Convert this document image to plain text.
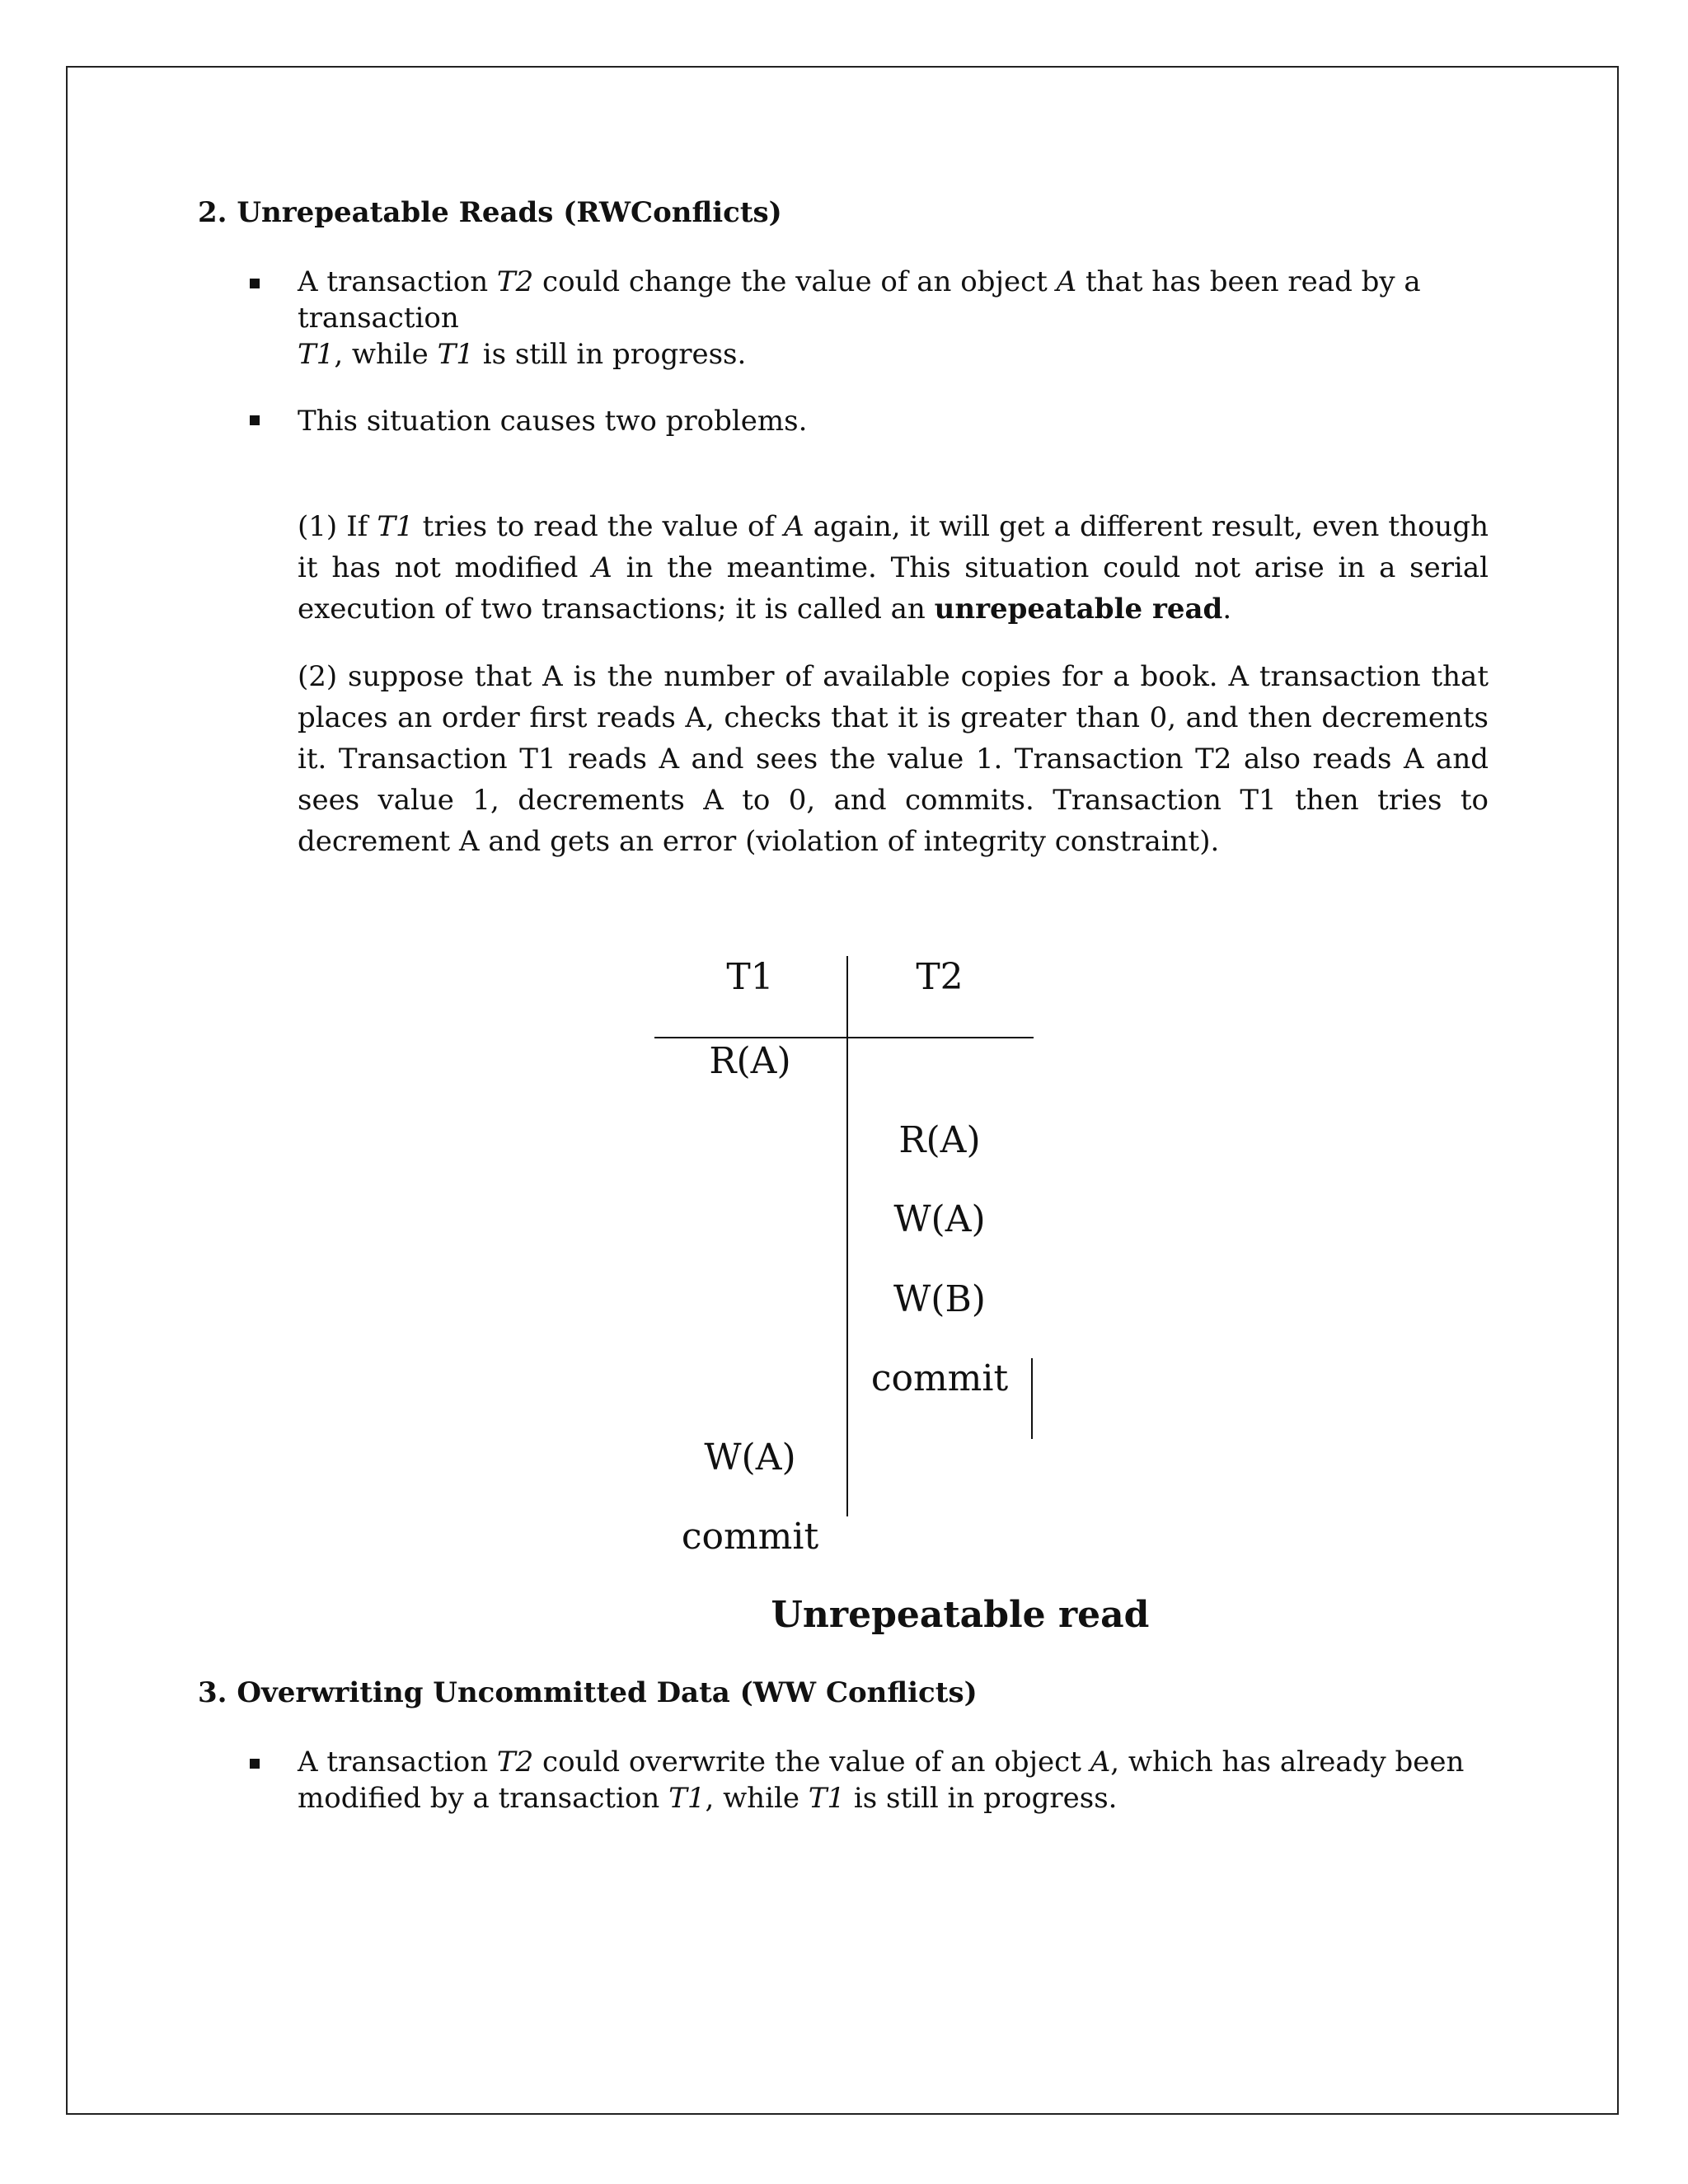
2. Unrepeatable Reads (RWConflicts)
A transaction T2 could change the value of an object A that has been read by a transaction
T1, while T1 is still in progress.
This situation causes two problems.
(1) If T1 tries to read the value of A again, it will get a different result, even though it has not modified A in the meantime. This situation could not arise in a serial execution of two transactions; it is called an unrepeatable read.
(2) suppose that A is the number of available copies for a book. A transaction that places an order first reads A, checks that it is greater than 0, and then decrements it. Transaction T1 reads A and sees the value 1. Transaction T2 also reads A and sees value 1, decrements A to 0, and commits. Transaction T1 then tries to decrement A and gets an error (violation of integrity constraint).
T1	T2
R(A)
R(A)
W(A)
W(B)
commit
W(A)
commit
Unrepeatable read
3. Overwriting Uncommitted Data (WW Conflicts)
A transaction T2 could overwrite the value of an object A, which has already been modified by a transaction T1, while T1 is still in progress.
